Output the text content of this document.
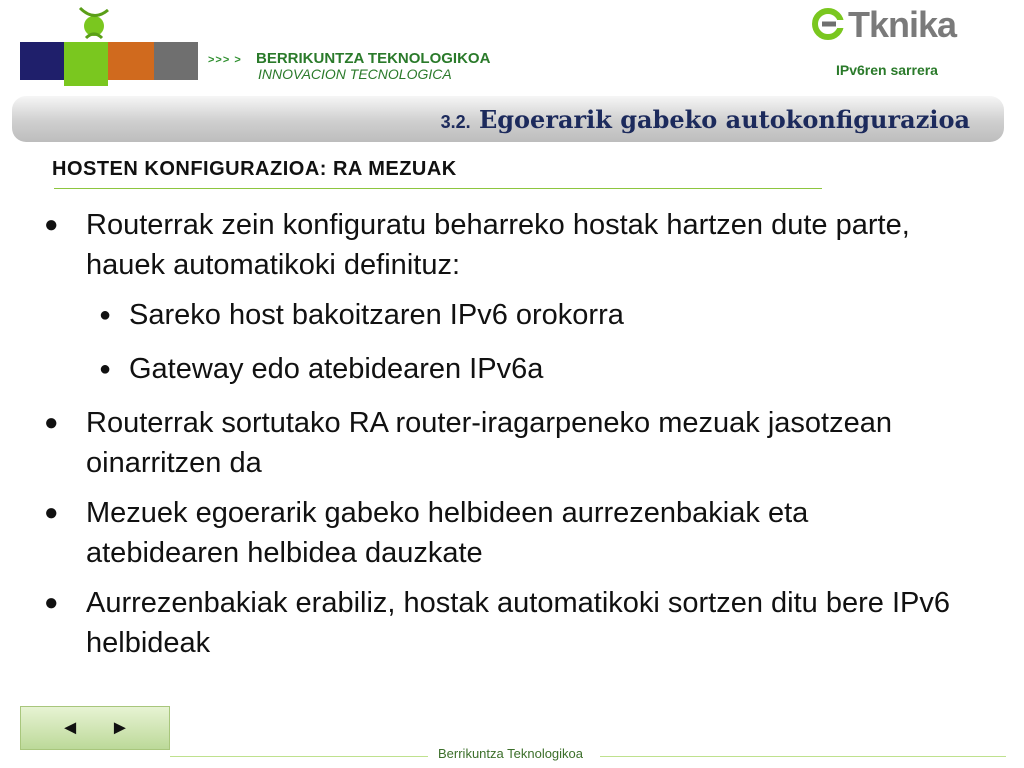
>>> > BERRIKUNTZA TEKNOLOGIKOA
INNOVACION TECNOLOGICA
Tknika
IPv6ren sarrera
3.2. Egoerarik gabeko autokonfigurazioa
HOSTEN KONFIGURAZIOA: RA MEZUAK
● Routerrak zein konfiguratu beharreko hostak hartzen dute parte, hauek automatikoki definituz:
● Sareko host bakoitzaren IPv6 orokorra
● Gateway edo atebidearen IPv6a
● Routerrak sortutako RA router-iragarpeneko mezuak jasotzean oinarritzen da
● Mezuek egoerarik gabeko helbideen aurrezenbakiak eta atebidearen helbidea dauzkate
● Aurrezenbakiak erabiliz, hostak automatikoki sortzen ditu bere IPv6 helbideak
◄ ►
Berrikuntza Teknologikoa
